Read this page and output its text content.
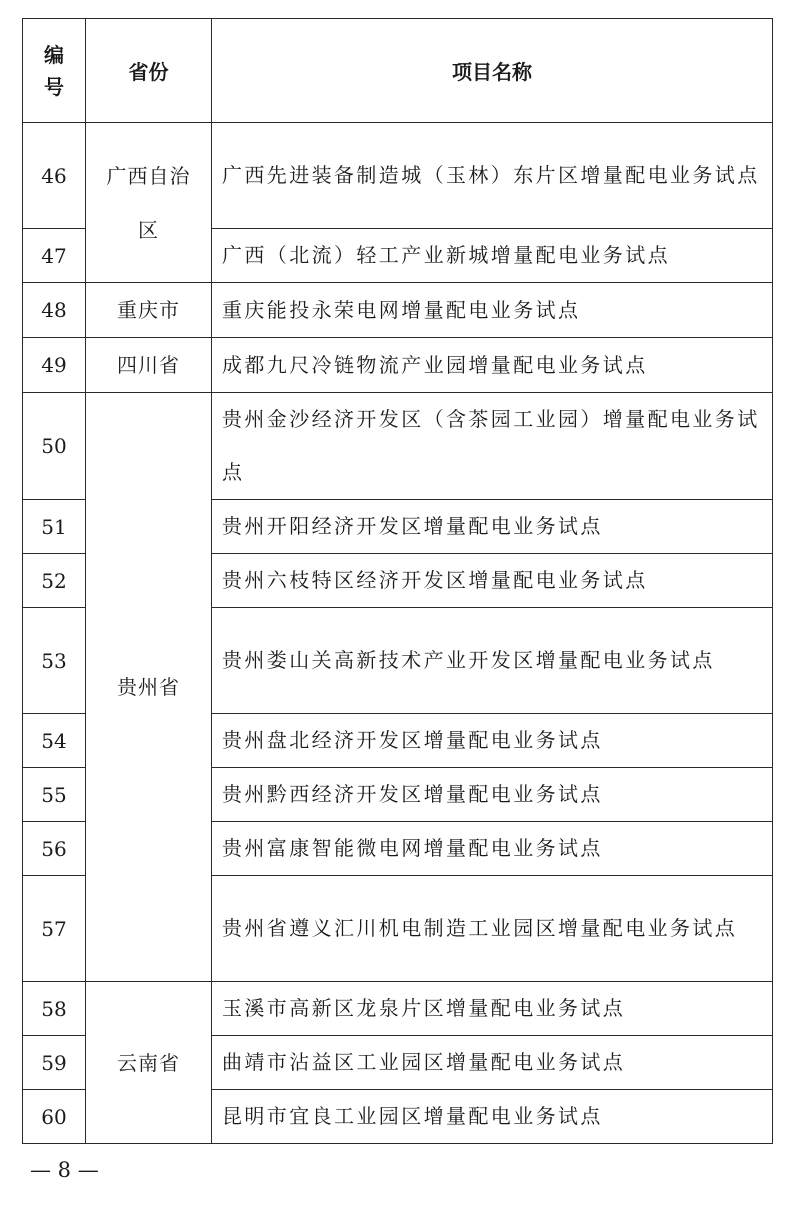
编号	省份	项目名称
46	广西自治区	广西先进装备制造城（玉林）东片区增量配电业务试点
47		广西（北流）轻工产业新城增量配电业务试点
48	重庆市	重庆能投永荣电网增量配电业务试点
49	四川省	成都九尺冷链物流产业园增量配电业务试点
50	贵州省	贵州金沙经济开发区（含茶园工业园）增量配电业务试点
51		贵州开阳经济开发区增量配电业务试点
52		贵州六枝特区经济开发区增量配电业务试点
53		贵州娄山关高新技术产业开发区增量配电业务试点
54		贵州盘北经济开发区增量配电业务试点
55		贵州黔西经济开发区增量配电业务试点
56		贵州富康智能微电网增量配电业务试点
57		贵州省遵义汇川机电制造工业园区增量配电业务试点
58	云南省	玉溪市高新区龙泉片区增量配电业务试点
59		曲靖市沾益区工业园区增量配电业务试点
60		昆明市宜良工业园区增量配电业务试点
— 8 —
